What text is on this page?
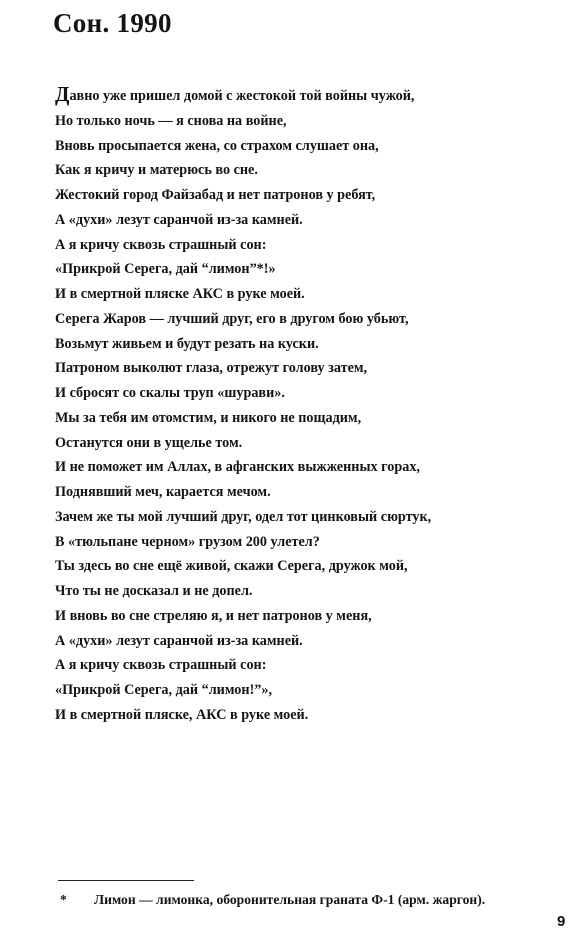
Сон. 1990
Давно уже пришел домой с жестокой той войны чужой,
Но только ночь — я снова на войне,
Вновь просыпается жена, со страхом слушает она,
Как я кричу и матерюсь во сне.
Жестокий город Файзабад и нет патронов у ребят,
А «духи» лезут саранчой из-за камней.
А я кричу сквозь страшный сон:
«Прикрой Серега, дай “лимон”*!»
И в смертной пляске АКС в руке моей.
Серега Жаров — лучший друг, его в другом бою убьют,
Возьмут живьем и будут резать на куски.
Патроном выколют глаза, отрежут голову затем,
И сбросят со скалы труп «шурави».
Мы за тебя им отомстим, и никого не пощадим,
Останутся они в ущелье том.
И не поможет им Аллах, в афганских выжженных горах,
Поднявший меч, карается мечом.
Зачем же ты мой лучший друг, одел тот цинковый сюртук,
В «тюльпане черном» грузом 200 улетел?
Ты здесь во сне ещё живой, скажи Серега, дружок мой,
Что ты не досказал и не допел.
И вновь во сне стреляю я, и нет патронов у меня,
А «духи» лезут саранчой из-за камней.
А я кричу сквозь страшный сон:
«Прикрой Серега, дай “лимон!”»,
И в смертной пляске, АКС в руке моей.
* Лимон — лимонка, оборонительная граната Ф-1 (арм. жаргон).
9
